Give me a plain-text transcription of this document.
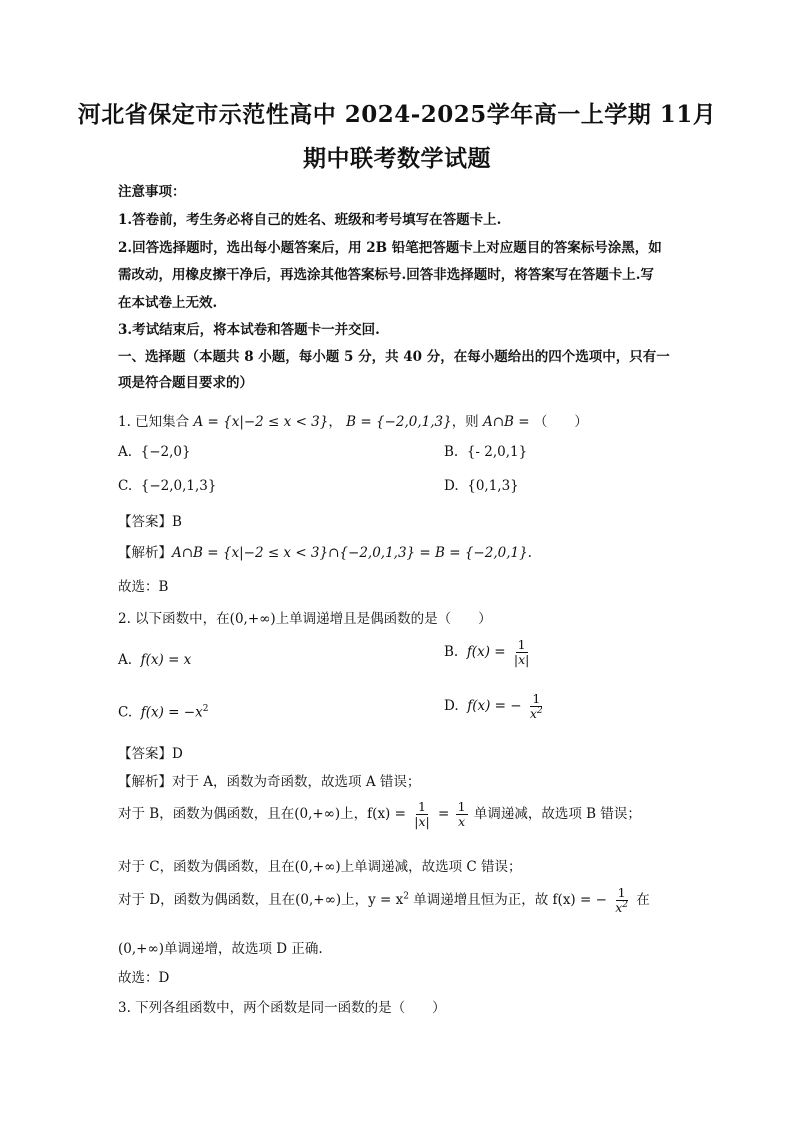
河北省保定市示范性高中 2024-2025学年高一上学期 11月
期中联考数学试题
注意事项：
1.答卷前，考生务必将自己的姓名、班级和考号填写在答题卡上.
2.回答选择题时，选出每小题答案后，用 2B 铅笔把答题卡上对应题目的答案标号涂黑，如
需改动，用橡皮擦干净后，再选涂其他答案标号.回答非选择题时，将答案写在答题卡上.写
在本试卷上无效.
3.考试结束后，将本试卷和答题卡一并交回.
一、选择题（本题共 8 小题，每小题 5 分，共 40 分，在每小题给出的四个选项中，只有一
项是符合题目要求的）
1. 已知集合 A = {x|−2 ≤ x < 3}， B = {−2,0,1,3}，则 A∩B = （　　）
A. {−2,0}	B. {- 2,0,1}
C. {−2,0,1,3}	D. {0,1,3}
【答案】B
【解析】A∩B = {x|−2 ≤ x < 3}∩{−2,0,1,3} = B = {−2,0,1}.
故选：B
2. 以下函数中，在(0,+∞)上单调递增且是偶函数的是（　　）
A. f(x) = x
B. $f(x) = \frac{1}{|x|}$
C. $f(x) = -x^2$	D. f(x) = − $\frac{1}{x^2}$
【答案】D
【解析】对于 A，函数为奇函数，故选项 A 错误；
对于 B，函数为偶函数，且在(0,+∞)上，$f(x) = \frac{1}{|x|} = \frac{1}{x}$ 单调递减，故选项 B 错误；
对于 C，函数为偶函数，且在(0,+∞)上单调递减，故选项 C 错误；
对于 D，函数为偶函数，且在(0,+∞)上，$y = x^2$ 单调递增且恒为正，故 f(x) = − $\frac{1}{x^2}$ 在
(0,+∞)单调递增，故选项 D 正确.
故选：D
3. 下列各组函数中，两个函数是同一函数的是（　　）
